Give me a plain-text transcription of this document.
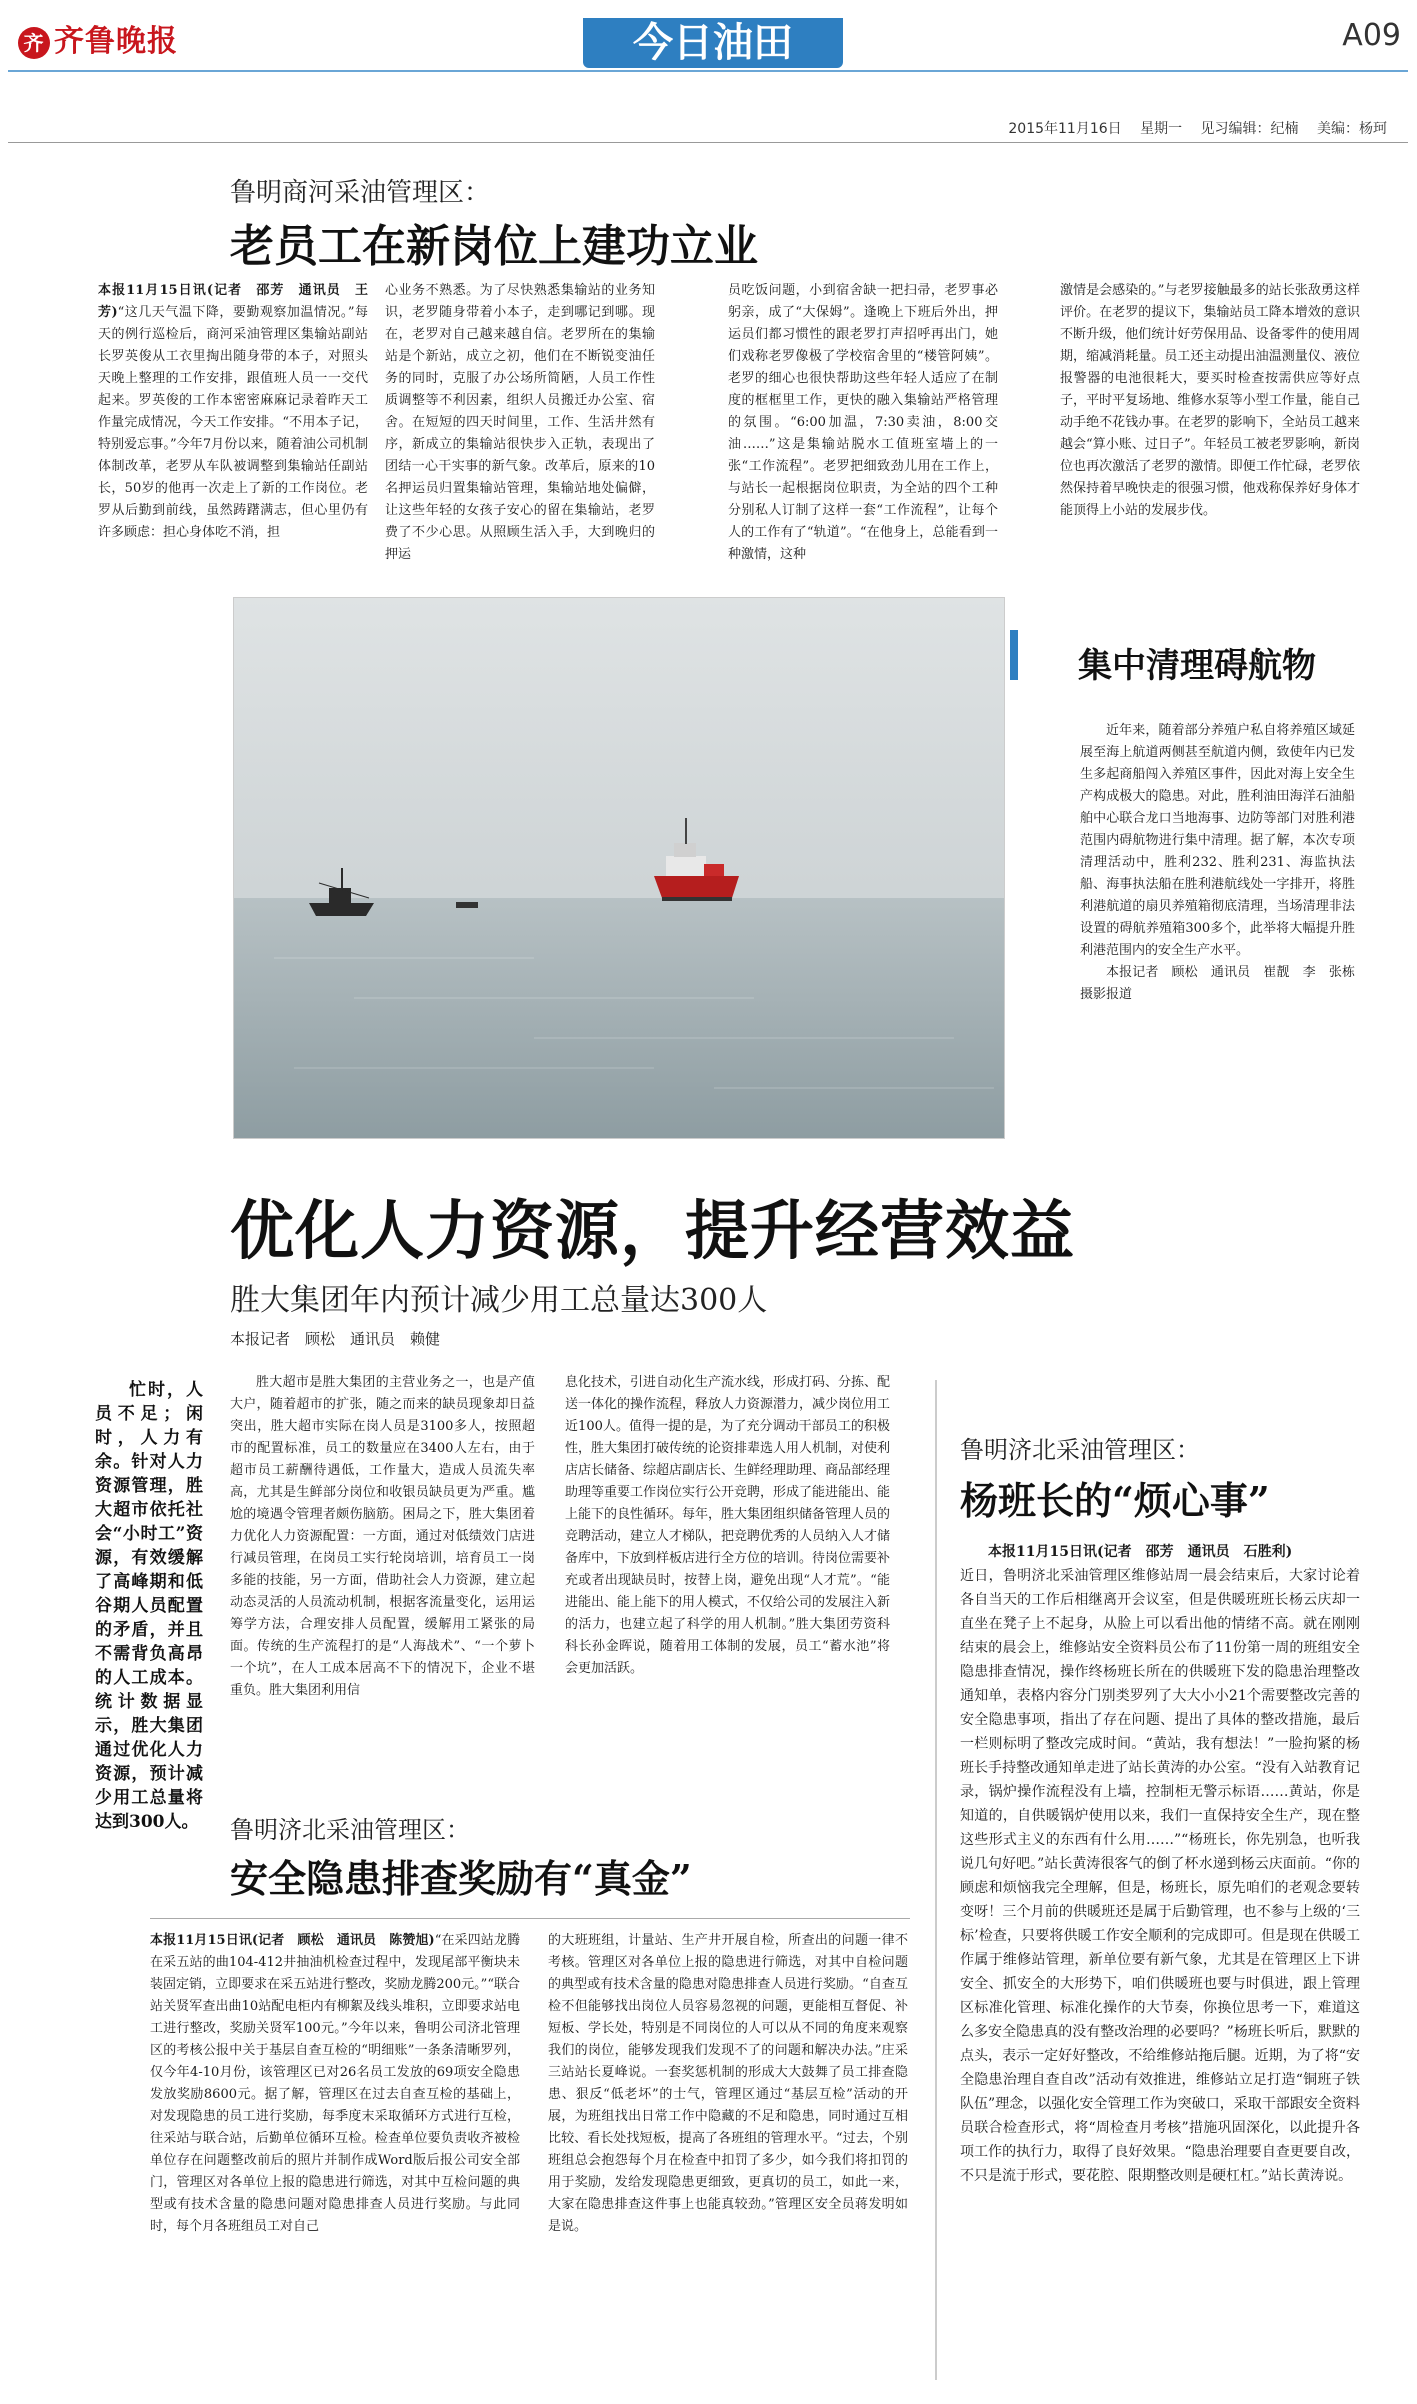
齐 齐鲁晚报	今日油田	A09
2015年11月16日　 星期一　 见习编辑：纪楠　 美编：杨珂
鲁明商河采油管理区：
老员工在新岗位上建功立业

本报11月15日讯(记者　邵芳　通讯员　王芳)“这几天气温下降，要勤观察加温情况。”每天的例行巡检后，商河采油管理区集输站副站长罗英俊从工衣里掏出随身带的本子，对照头天晚上整理的工作安排，跟值班人员一一交代起来。罗英俊的工作本密密麻麻记录着昨天工作量完成情况，今天工作安排。“不用本子记，特别爱忘事。”今年7月份以来，随着油公司机制体制改革，老罗从车队被调整到集输站任副站长，50岁的他再一次走上了新的工作岗位。老罗从后勤到前线，虽然踌躇满志，但心里仍有许多顾虑：担心身体吃不消，担

心业务不熟悉。为了尽快熟悉集输站的业务知识，老罗随身带着小本子，走到哪记到哪。现在，老罗对自己越来越自信。老罗所在的集输站是个新站，成立之初，他们在不断锐变油任务的同时，克服了办公场所简陋，人员工作性质调整等不利因素，组织人员搬迁办公室、宿舍。在短短的四天时间里，工作、生活井然有序，新成立的集输站很快步入正轨，表现出了团结一心干实事的新气象。改革后，原来的10名押运员归置集输站管理，集输站地处偏僻，让这些年轻的女孩子安心的留在集输站，老罗费了不少心思。从照顾生活入手，大到晚归的押运

员吃饭问题，小到宿舍缺一把扫帚，老罗事必躬亲，成了“大保姆”。逢晚上下班后外出，押运员们都习惯性的跟老罗打声招呼再出门，她们戏称老罗像极了学校宿舍里的“楼管阿姨”。老罗的细心也很快帮助这些年轻人适应了在制度的框框里工作，更快的融入集输站严格管理的氛围。“6:00加温，7:30卖油，8:00交油……”这是集输站脱水工值班室墙上的一张“工作流程”。老罗把细致劲儿用在工作上，与站长一起根据岗位职责，为全站的四个工种分别私人订制了这样一套“工作流程”，让每个人的工作有了“轨道”。“在他身上，总能看到一种激情，这种

激情是会感染的。”与老罗接触最多的站长张敌勇这样评价。在老罗的提议下，集输站员工降本增效的意识不断升级，他们统计好劳保用品、设备零件的使用周期，缩减消耗量。员工还主动提出油温测量仪、液位报警器的电池很耗大，要买时检查按需供应等好点子，平时平复场地、维修水泵等小型工作量，能自己动手绝不花钱办事。在老罗的影响下，全站员工越来越会“算小账、过日子”。年轻员工被老罗影响，新岗位也再次激活了老罗的激情。即便工作忙碌，老罗依然保持着早晚快走的很强习惯，他戏称保养好身体才能顶得上小站的发展步伐。

集中清理碍航物

近年来，随着部分养殖户私自将养殖区域延展至海上航道两侧甚至航道内侧，致使年内已发生多起商船闯入养殖区事件，因此对海上安全生产构成极大的隐患。对此，胜利油田海洋石油船舶中心联合龙口当地海事、边防等部门对胜利港范围内碍航物进行集中清理。据了解，本次专项清理活动中，胜利232、胜利231、海监执法船、海事执法船在胜利港航线处一字排开，将胜利港航道的扇贝养殖箱彻底清理，当场清理非法设置的碍航养殖箱300多个，此举将大幅提升胜利港范围内的安全生产水平。

本报记者　顾松　通讯员　崔靓　李　张栋　摄影报道

优化人力资源，提升经营效益
胜大集团年内预计减少用工总量达300人
本报记者　顾松　通讯员　赖健
忙时，人员不足；闲时，人力有余。针对人力资源管理，胜大超市依托社会“小时工”资源，有效缓解了高峰期和低谷期人员配置的矛盾，并且不需背负高昂的人工成本。统计数据显示，胜大集团通过优化人力资源，预计减少用工总量将达到300人。

胜大超市是胜大集团的主营业务之一，也是产值大户，随着超市的扩张，随之而来的缺员现象却日益突出，胜大超市实际在岗人员是3100多人，按照超市的配置标准，员工的数量应在3400人左右，由于超市员工薪酬待遇低，工作量大，造成人员流失率高，尤其是生鲜部分岗位和收银员缺员更为严重。尴尬的境遇令管理者颇伤脑筋。困局之下，胜大集团着力优化人力资源配置：一方面，通过对低绩效门店进行减员管理，在岗员工实行轮岗培训，培育员工一岗多能的技能，另一方面，借助社会人力资源，建立起动态灵活的人员流动机制，根据客流量变化，运用运筹学方法，合理安排人员配置，缓解用工紧张的局面。传统的生产流程打的是“人海战术”、“一个萝卜一个坑”，在人工成本居高不下的情况下，企业不堪重负。胜大集团利用信

息化技术，引进自动化生产流水线，形成打码、分拣、配送一体化的操作流程，释放人力资源潜力，减少岗位用工近100人。值得一提的是，为了充分调动干部员工的积极性，胜大集团打破传统的论资排辈选人用人机制，对使利店店长储备、综超店副店长、生鲜经理助理、商品部经理助理等重要工作岗位实行公开竞聘，形成了能进能出、能上能下的良性循环。每年，胜大集团组织储备管理人员的竞聘活动，建立人才梯队，把竞聘优秀的人员纳入人才储备库中，下放到样板店进行全方位的培训。待岗位需要补充或者出现缺员时，按替上岗，避免出现“人才荒”。“能进能出、能上能下的用人模式，不仅给公司的发展注入新的活力，也建立起了科学的用人机制。”胜大集团劳资科科长孙金晖说，随着用工体制的发展，员工“蓄水池”将会更加活跃。

鲁明济北采油管理区：
安全隐患排查奖励有“真金”

本报11月15日讯(记者　顾松　通讯员　陈赞旭)“在采四站龙腾在采五站的曲104-412井抽油机检查过程中，发现尾部平衡块未装固定销，立即要求在采五站进行整改，奖励龙腾200元。”“联合站关贤军查出曲10站配电柜内有柳絮及线头堆积，立即要求站电工进行整改，奖励关贤军100元。”今年以来，鲁明公司济北管理区的考核公报中关于基层自查互检的“明细账”一条条清晰罗列，仅今年4-10月份，该管理区已对26名员工发放的69项安全隐患发放奖励8600元。据了解，管理区在过去自查互检的基础上，对发现隐患的员工进行奖励，每季度末采取循环方式进行互检，往采站与联合站，后勤单位循环互检。检查单位要负责收齐被检单位存在问题整改前后的照片并制作成Word版后报公司安全部门，管理区对各单位上报的隐患进行筛选，对其中互检问题的典型或有技术含量的隐患问题对隐患排查人员进行奖励。与此同时，每个月各班组员工对自己

的大班班组，计量站、生产井开展自检，所查出的问题一律不考核。管理区对各单位上报的隐患进行筛选，对其中自检问题的典型或有技术含量的隐患对隐患排查人员进行奖励。“自查互检不但能够找出岗位人员容易忽视的问题，更能相互督促、补短板、学长处，特别是不同岗位的人可以从不同的角度来观察我们的岗位，能够发现我们发现不了的问题和解决办法。”庄采三站站长夏峰说。一套奖惩机制的形成大大鼓舞了员工排查隐患、狠反“低老坏”的士气，管理区通过“基层互检”活动的开展，为班组找出日常工作中隐藏的不足和隐患，同时通过互相比较、看长处找短板，提高了各班组的管理水平。“过去，个别班组总会抱怨每个月在检查中扣罚了多少，如今我们将扣罚的用于奖励，发给发现隐患更细致，更真切的员工，如此一来，大家在隐患排查这件事上也能真较劲。”管理区安全员蒋发明如是说。

鲁明济北采油管理区：
杨班长的“烦心事”

本报11月15日讯(记者　邵芳　通讯员　石胜利)

近日，鲁明济北采油管理区维修站周一晨会结束后，大家讨论着各自当天的工作后相继离开会议室，但是供暖班班长杨云庆却一直坐在凳子上不起身，从脸上可以看出他的情绪不高。就在刚刚结束的晨会上，维修站安全资料员公布了11份第一周的班组安全隐患排查情况，操作终杨班长所在的供暖班下发的隐患治理整改通知单，表格内容分门别类罗列了大大小小21个需要整改完善的安全隐患事项，指出了存在问题、提出了具体的整改措施，最后一栏则标明了整改完成时间。“黄站，我有想法！”一脸拘紧的杨班长手持整改通知单走进了站长黄涛的办公室。“没有入站教育记录，锅炉操作流程没有上墙，控制柜无警示标语……黄站，你是知道的，自供暖锅炉使用以来，我们一直保持安全生产，现在整这些形式主义的东西有什么用……”“杨班长，你先别急，也听我说几句好吧。”站长黄涛很客气的倒了杯水递到杨云庆面前。“你的顾虑和烦恼我完全理解，但是，杨班长，原先咱们的老观念要转变呀！三个月前的供暖班还是属于后勤管理，也不参与上级的‘三标’检查，只要将供暖工作安全顺利的完成即可。但是现在供暖工作属于维修站管理，新单位要有新气象，尤其是在管理区上下讲安全、抓安全的大形势下，咱们供暖班也要与时俱进，跟上管理区标准化管理、标准化操作的大节奏，你换位思考一下，难道这么多安全隐患真的没有整改治理的必要吗？”杨班长听后，默默的点头，表示一定好好整改，不给维修站拖后腿。近期，为了将“安全隐患治理自查自改”活动有效推进，维修站立足打造“铜班子铁队伍”理念，以强化安全管理工作为突破口，采取干部跟安全资料员联合检查形式，将“周检查月考核”措施巩固深化，以此提升各项工作的执行力，取得了良好效果。“隐患治理要自查更要自改，不只是流于形式，要花腔、限期整改则是硬杠杠。”站长黄涛说。
